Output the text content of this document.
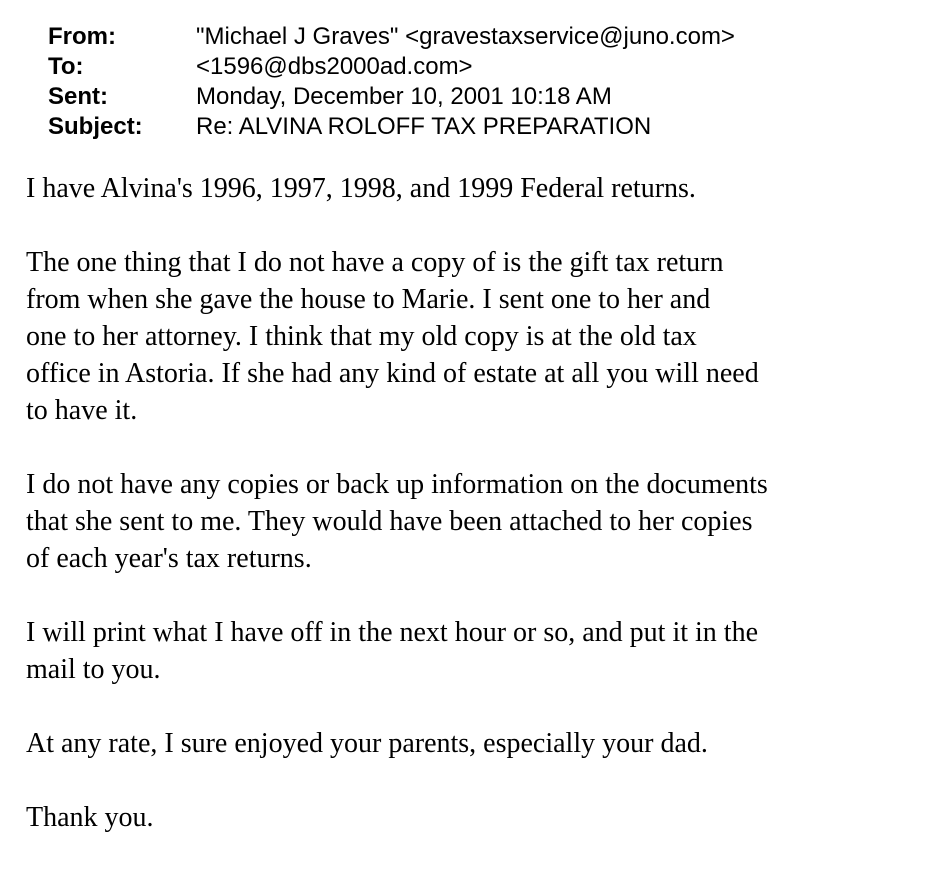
From:	"Michael J Graves" <gravestaxservice@juno.com>
To:	<1596@dbs2000ad.com>
Sent:	Monday, December 10, 2001 10:18 AM
Subject:	Re: ALVINA ROLOFF TAX PREPARATION
I have Alvina's 1996, 1997, 1998, and 1999 Federal returns.
The one thing that I do not have a copy of is the gift tax return
from when she gave the house to Marie. I sent one to her and
one to her attorney. I think that my old copy is at the old tax
office in Astoria. If she had any kind of estate at all you will need
to have it.
I do not have any copies or back up information on the documents
that she sent to me. They would have been attached to her copies
of each year's tax returns.
I will print what I have off in the next hour or so, and put it in the
mail to you.
At any rate, I sure enjoyed your parents, especially your dad.
Thank you.
